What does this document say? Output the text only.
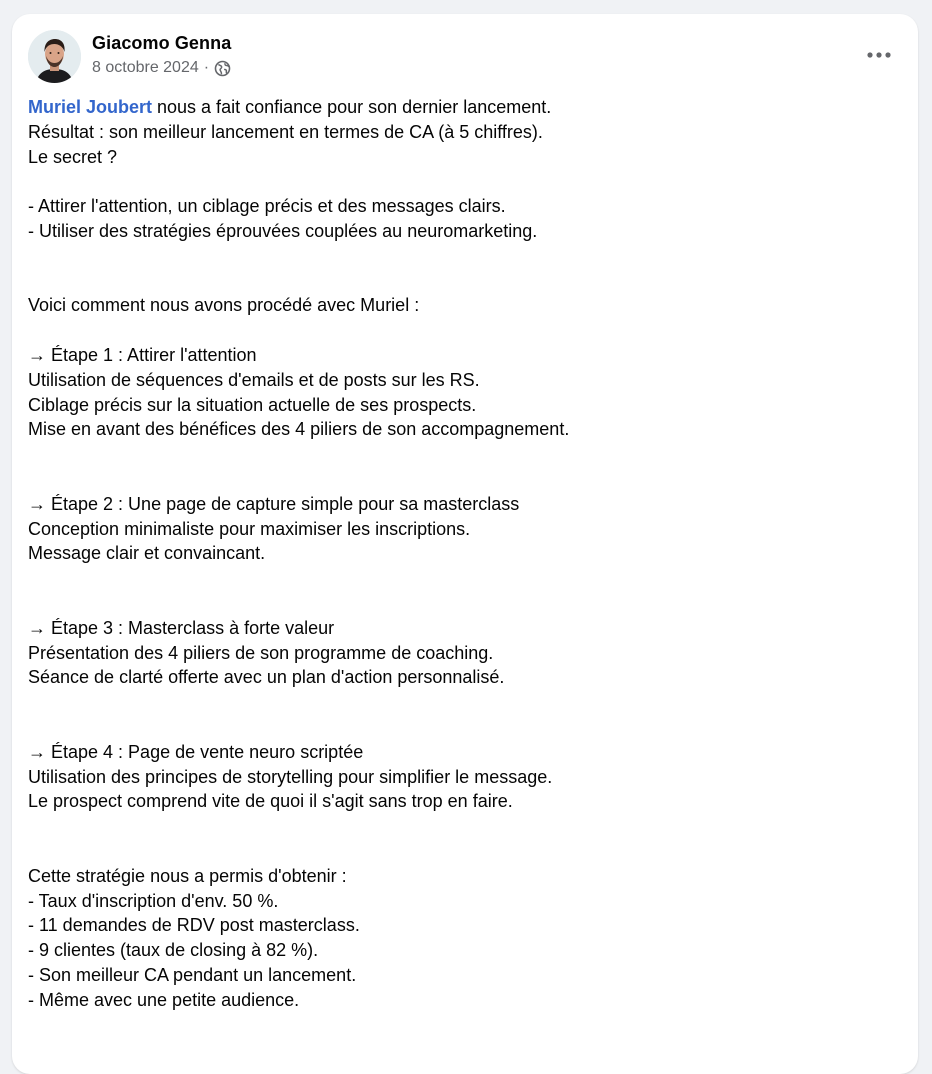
Giacomo Genna
8 octobre 2024 ·
Muriel Joubert nous a fait confiance pour son dernier lancement.
Résultat : son meilleur lancement en termes de CA (à 5 chiffres).
Le secret ?
- Attirer l'attention, un ciblage précis et des messages clairs.
- Utiliser des stratégies éprouvées couplées au neuromarketing.
Voici comment nous avons procédé avec Muriel :
→ Étape 1 : Attirer l'attention
Utilisation de séquences d'emails et de posts sur les RS.
Ciblage précis sur la situation actuelle de ses prospects.
Mise en avant des bénéfices des 4 piliers de son accompagnement.
→ Étape 2 : Une page de capture simple pour sa masterclass
Conception minimaliste pour maximiser les inscriptions.
Message clair et convaincant.
→ Étape 3 : Masterclass à forte valeur
Présentation des 4 piliers de son programme de coaching.
Séance de clarté offerte avec un plan d'action personnalisé.
→ Étape 4 : Page de vente neuro scriptée
Utilisation des principes de storytelling pour simplifier le message.
Le prospect comprend vite de quoi il s'agit sans trop en faire.
Cette stratégie nous a permis d'obtenir :
- Taux d'inscription d'env. 50 %.
- 11 demandes de RDV post masterclass.
- 9 clientes (taux de closing à 82 %).
- Son meilleur CA pendant un lancement.
- Même avec une petite audience.
